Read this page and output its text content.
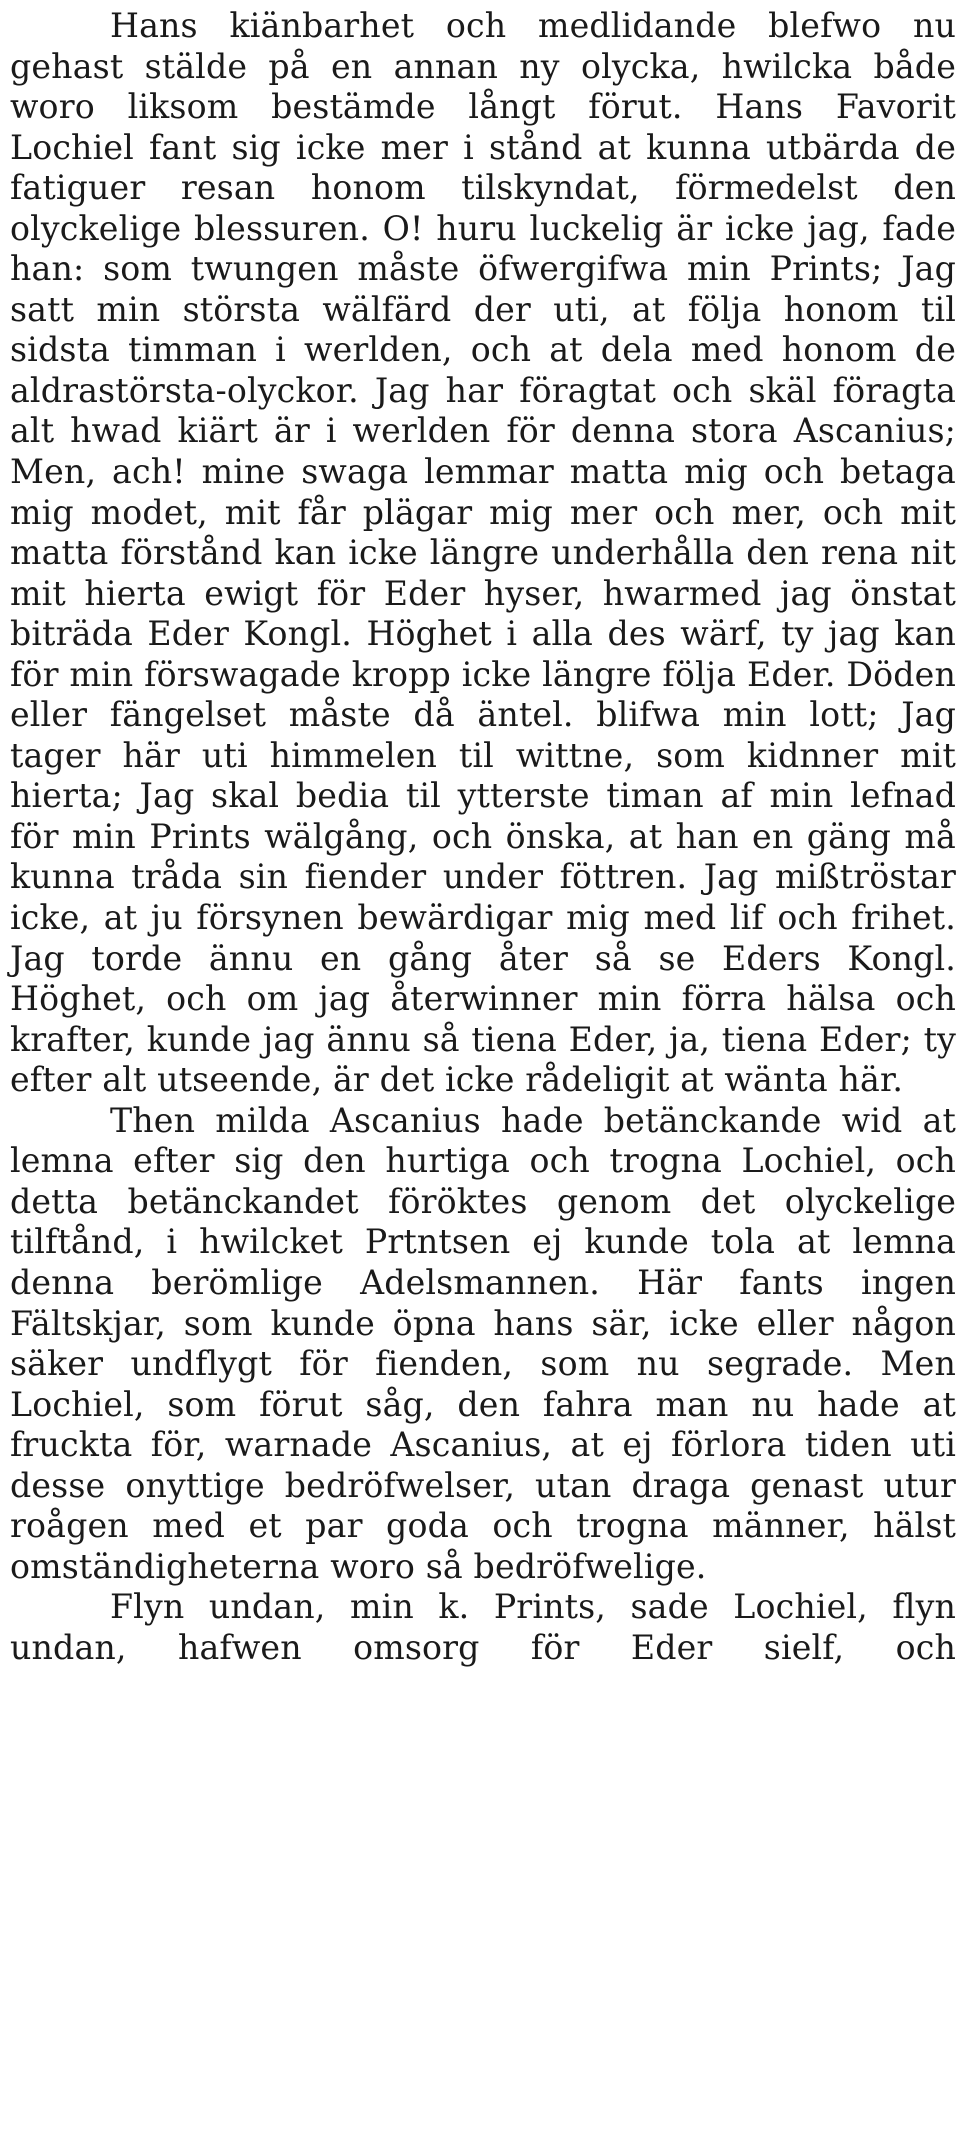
Hans kiänbarhet och medlidande blefwo nu gehast stälde på en annan ny olycka, hwilcka både woro liksom bestämde långt förut. Hans Favorit Lochiel fant sig icke mer i stånd at kunna utbärda de fatiguer resan honom tilskyndat, förmedelst den olyckelige blessuren. O! huru luckelig är icke jag, fade han: som twungen måste öfwergifwa min Prints; Jag satt min största wälfärd der uti, at följa honom til sidsta timman i werlden, och at dela med honom de aldrastörsta-olyckor. Jag har föragtat och skäl föragta alt hwad kiärt är i werlden för denna stora Ascanius; Men, ach! mine swaga lemmar matta mig och betaga mig modet, mit får plägar mig mer och mer, och mit matta förstånd kan icke längre underhålla den rena nit mit hierta ewigt för Eder hyser, hwarmed jag önstat biträda Eder Kongl. Höghet i alla des wärf, ty jag kan för min förswagade kropp icke längre följa Eder. Döden eller fängelset måste då äntel. blifwa min lott; Jag tager här uti himmelen til wittne, som kidnner mit hierta; Jag skal bedia til ytterste timan af min lefnad för min Prints wälgång, och önska, at han en gäng må kunna tråda sin fiender under föttren. Jag mißtröstar icke, at ju försynen bewärdigar mig med lif och frihet. Jag torde ännu en gång åter så se Eders Kongl. Höghet, och om jag återwinner min förra hälsa och krafter, kunde jag ännu så tiena Eder, ja, tiena Eder; ty efter alt utseende, är det icke rådeligit at wänta här.

Then milda Ascanius hade betänckande wid at lemna efter sig den hurtiga och trogna Lochiel, och detta betänckandet föröktes genom det olyckelige tilftånd, i hwilcket Prtntsen ej kunde tola at lemna denna berömlige Adelsmannen. Här fants ingen Fältskjar, som kunde öpna hans sär, icke eller någon säker undflygt för fienden, som nu segrade. Men Lochiel, som förut såg, den fahra man nu hade at fruckta för, warnade Ascanius, at ej förlora tiden uti desse onyttige bedröfwelser, utan draga genast utur roågen med et par goda och trogna männer, hälst omständigheterna woro så bedröfwelige.

Flyn undan, min k. Prints, sade Lochiel, flyn undan, hafwen omsorg för Eder sielf, och
